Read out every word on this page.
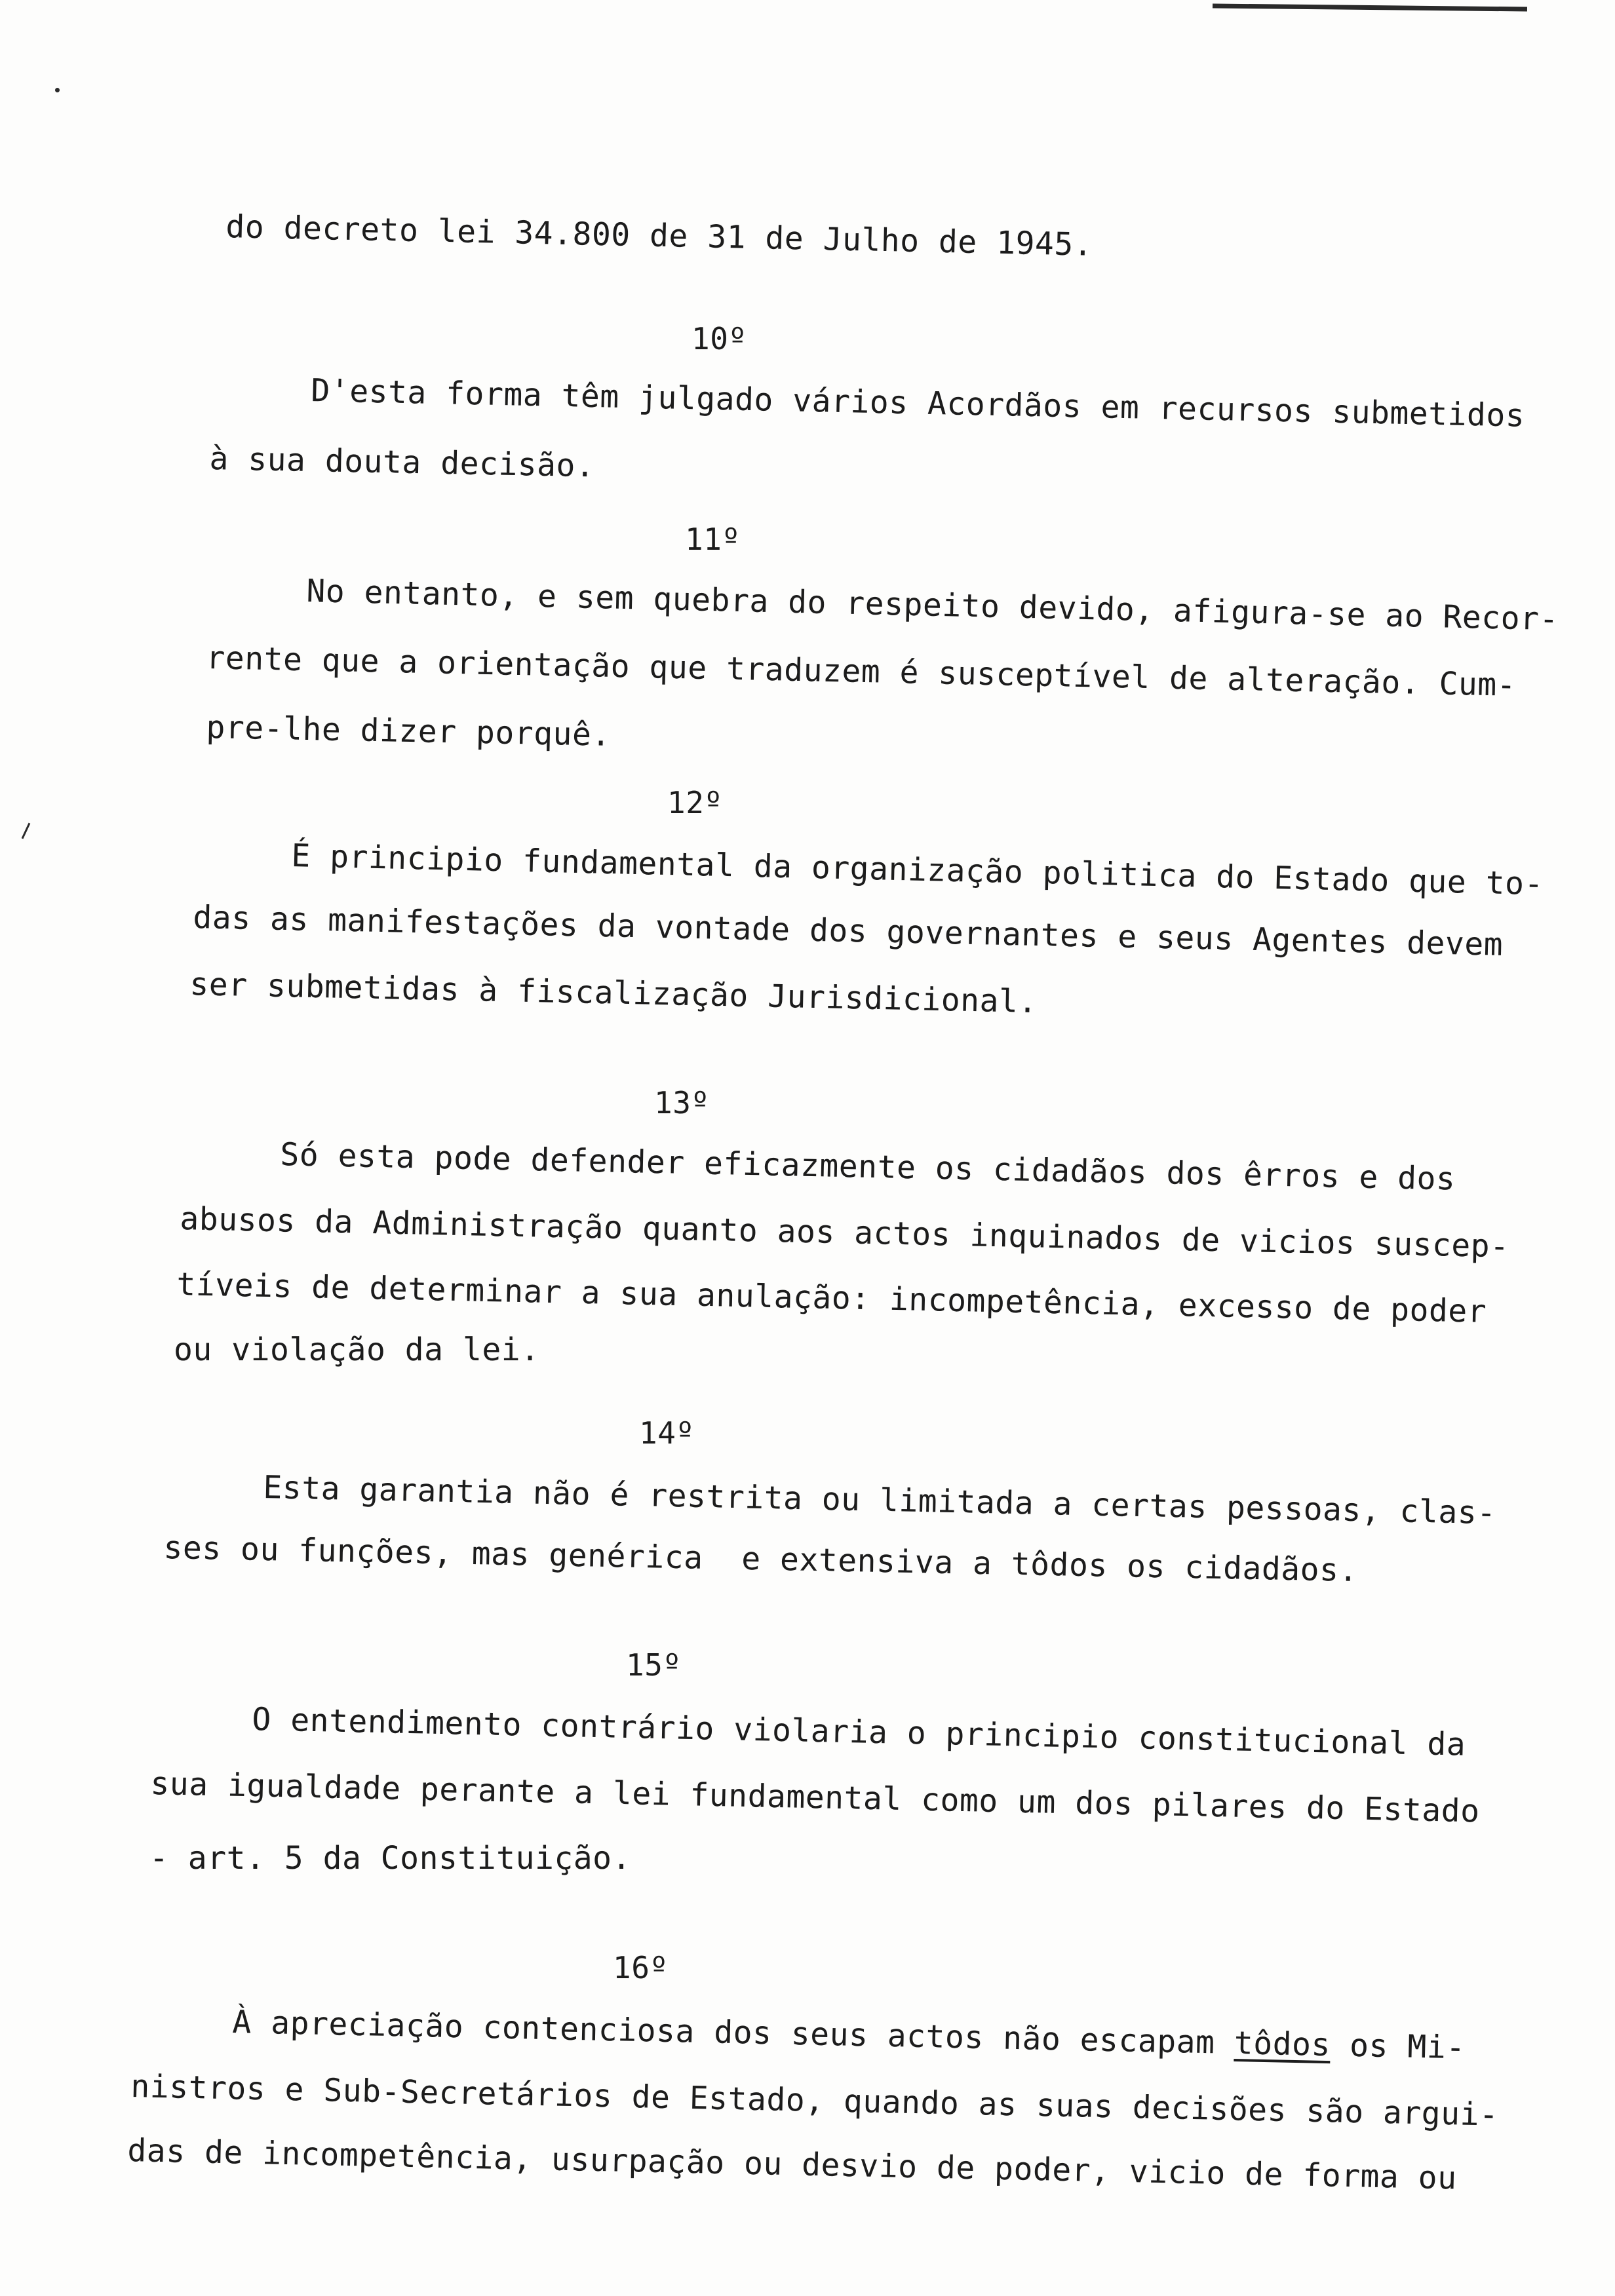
do decreto lei 34.800 de 31 de Julho de 1945.

10º

D'esta forma têm julgado vários Acordãos em recursos submetidos

à sua douta decisão.

11º

No entanto, e sem quebra do respeito devido, afigura-se ao Recor-

rente que a orientação que traduzem é susceptível de alteração. Cum-

pre-lhe dizer porquê.

12º

É principio fundamental da organização politica do Estado que to-

das as manifestações da vontade dos governantes e seus Agentes devem

ser submetidas à fiscalização Jurisdicional.

13º

Só esta pode defender eficazmente os cidadãos dos êrros e dos

abusos da Administração quanto aos actos inquinados de vicios suscep-

tíveis de determinar a sua anulação: incompetência, excesso de poder

ou violação da lei.

14º

Esta garantia não é restrita ou limitada a certas pessoas, clas-

ses ou funções, mas genérica  e extensiva a tôdos os cidadãos.

15º

O entendimento contrário violaria o principio constitucional da

sua igualdade perante a lei fundamental como um dos pilares do Estado

- art. 5 da Constituição.

16º

À apreciação contenciosa dos seus actos não escapam tôdos os Mi-

nistros e Sub-Secretários de Estado, quando as suas decisões são argui-

das de incompetência, usurpação ou desvio de poder, vicio de forma ou
